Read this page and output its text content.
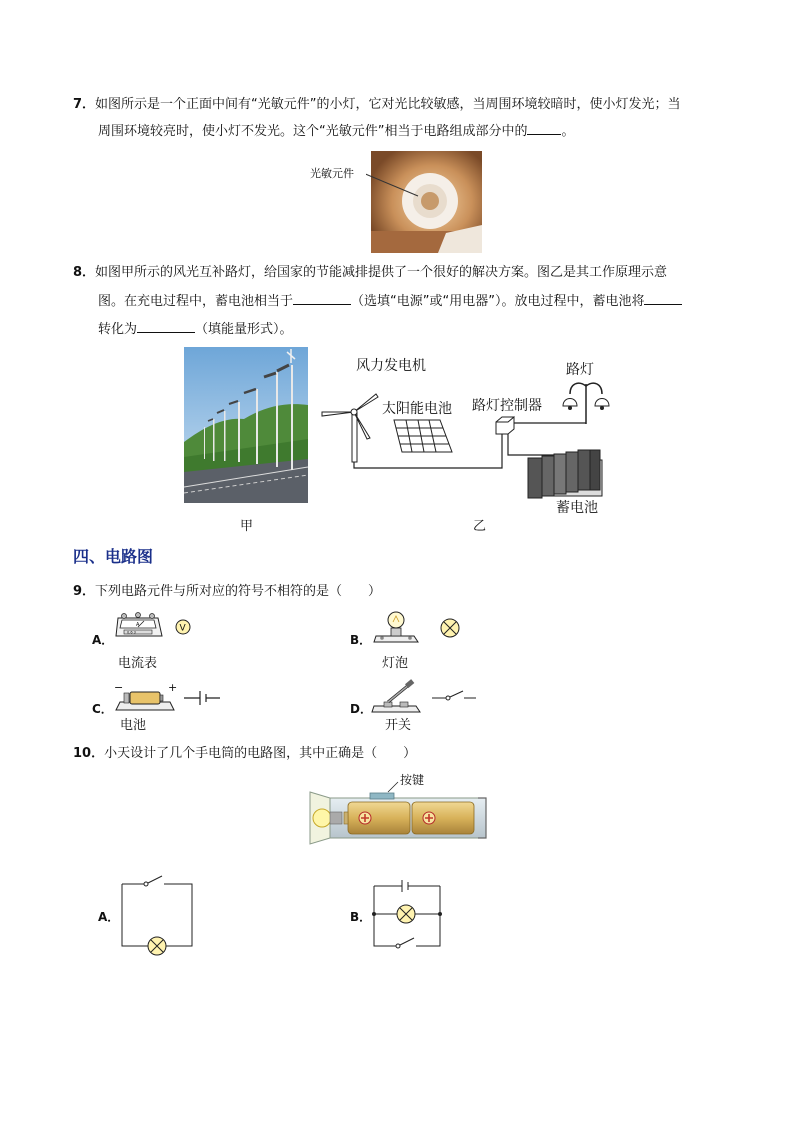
7．如图所示是一个正面中间有“光敏元件”的小灯，它对光比较敏感，当周围环境较暗时，使小灯发光；当
周围环境较亮时，使小灯不发光。这个“光敏元件”相当于电路组成部分中的	。
光敏元件
8．如图甲所示的风光互补路灯，给国家的节能减排提供了一个很好的解决方案。图乙是其工作原理示意
图。在充电过程中，蓄电池相当于	（选填“电源”或“用电器”）。放电过程中，蓄电池将
转化为	（填能量形式）。
风力发电机
太阳能电池 路灯控制器
路灯
蓄电池
甲	乙
四、电路图
9．下列电路元件与所对应的符号不相符的是（　　）
A．
A
0.6 3	V
电流表
B．
灯泡
C．
−	+
电池
D．
开关
10．小天设计了几个手电筒的电路图，其中正确是（　　）
按键
A．	B．
